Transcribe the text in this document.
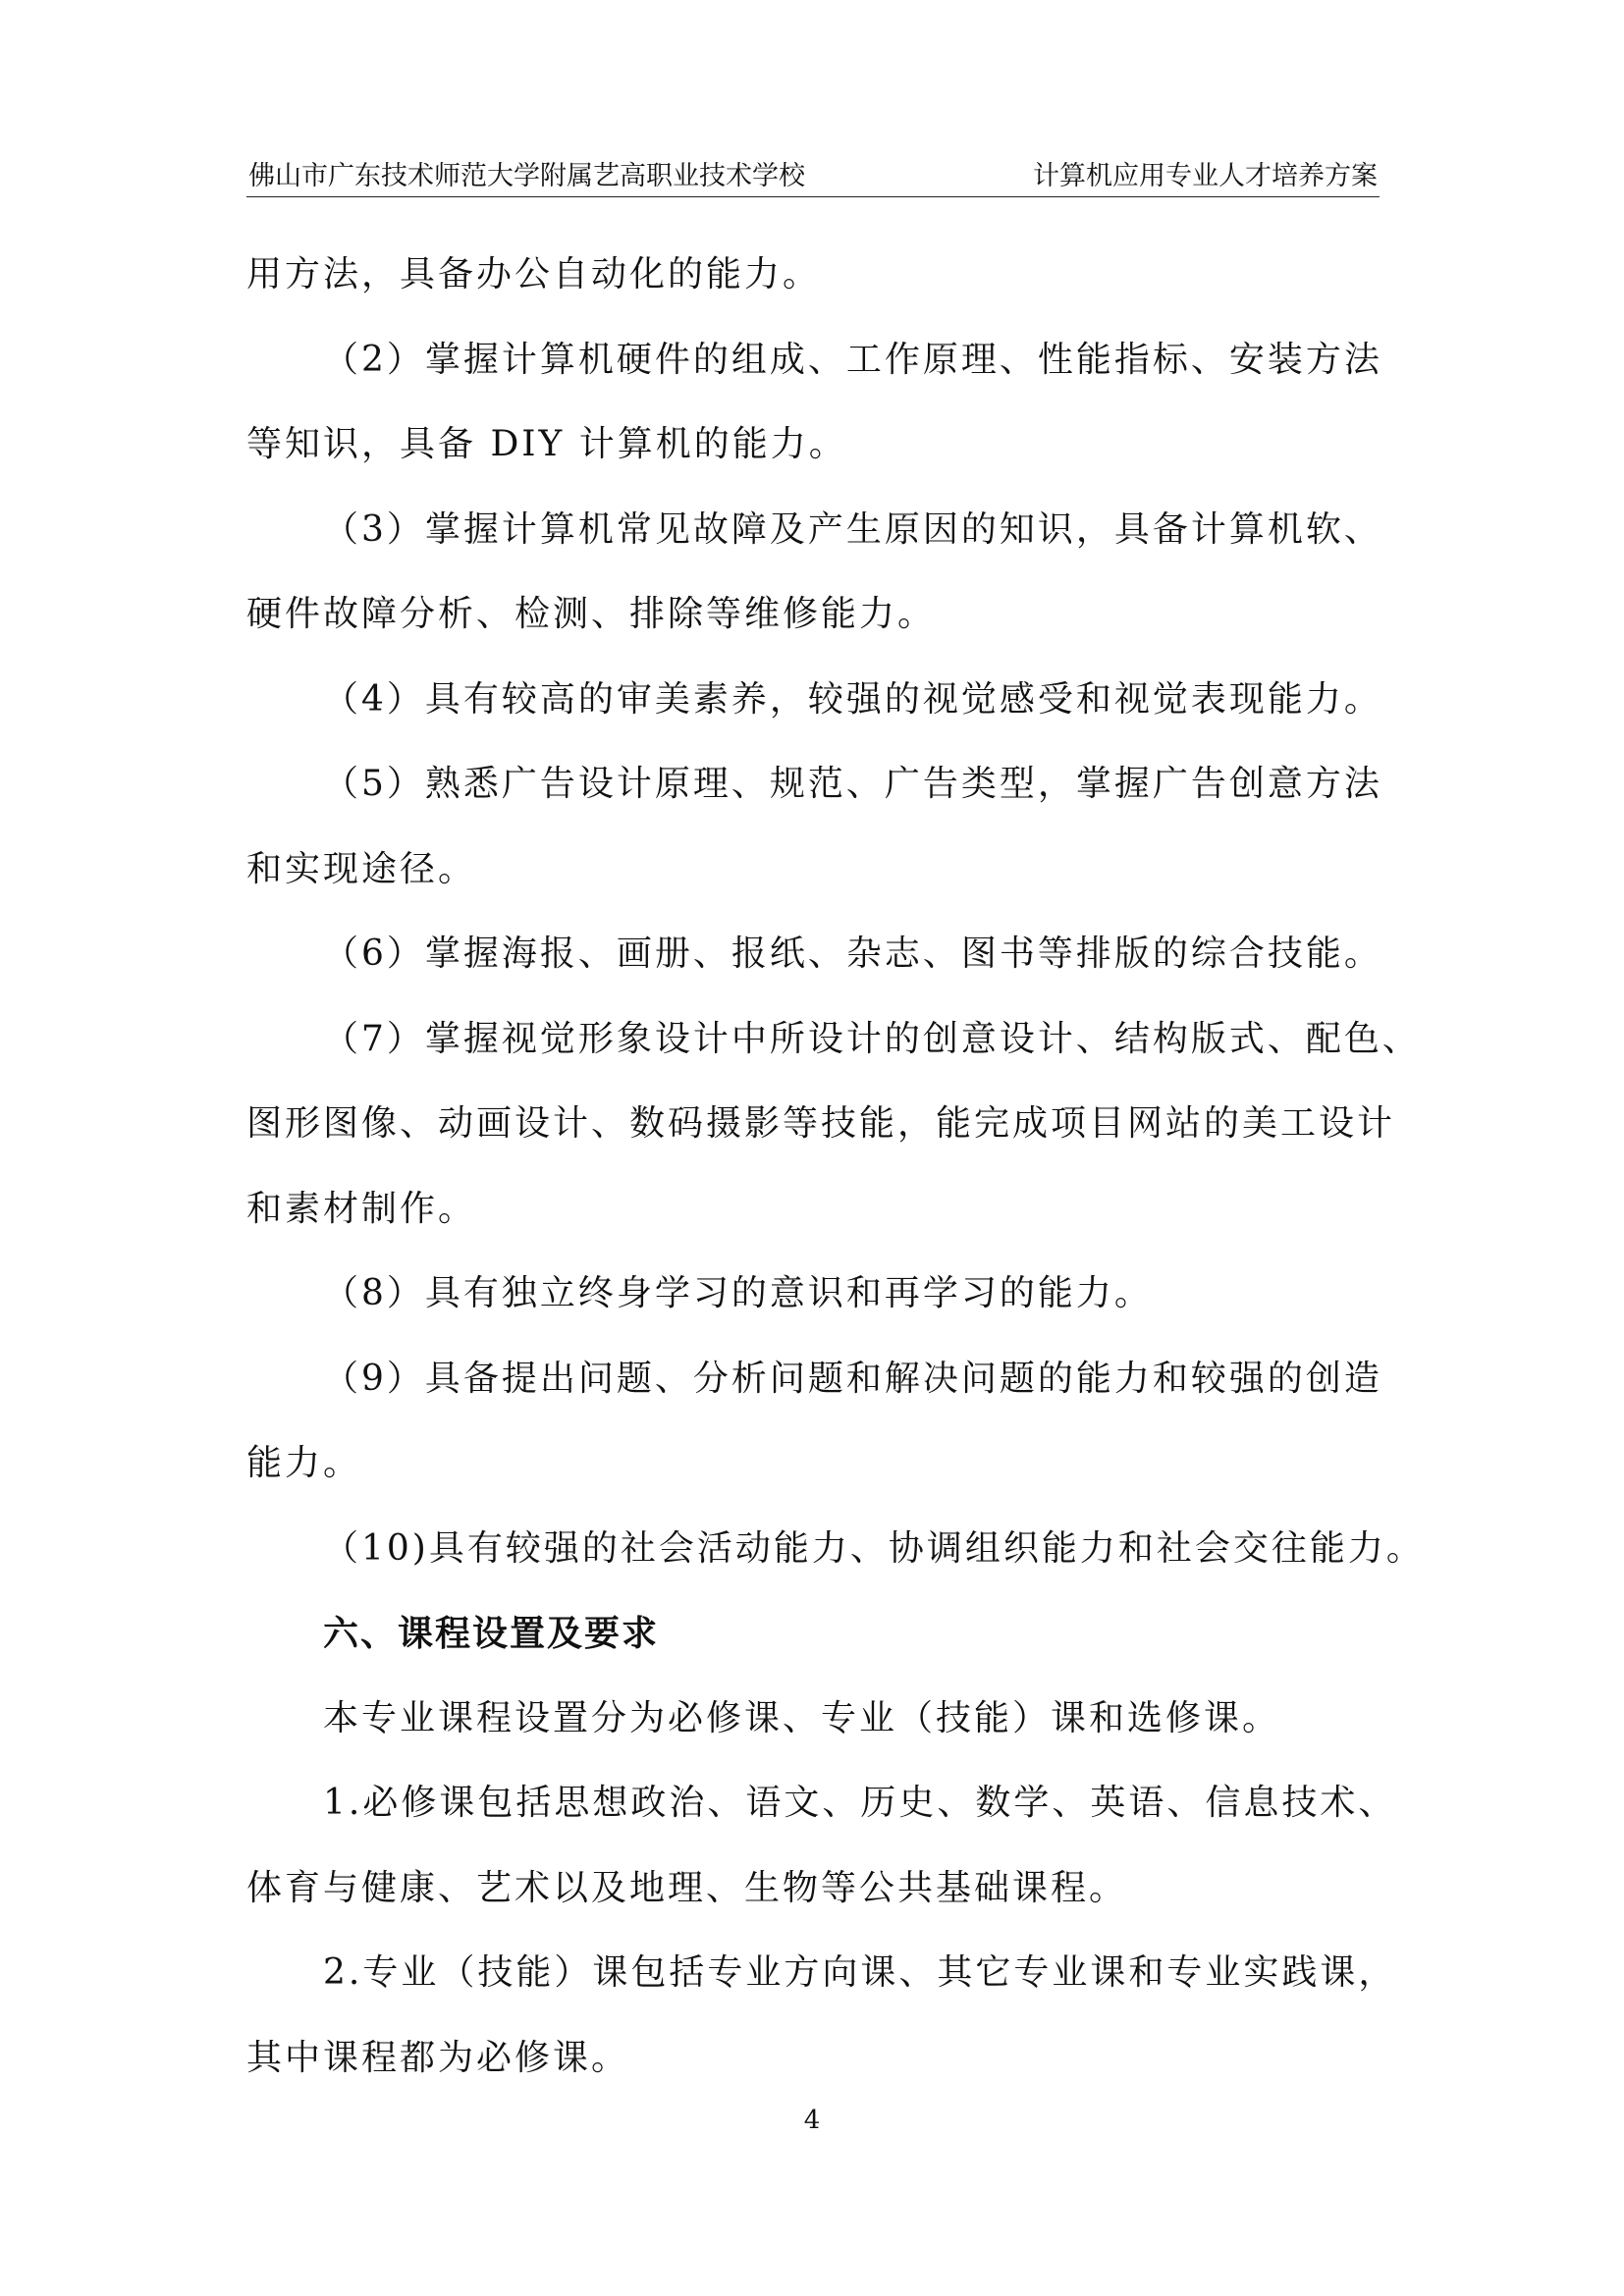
佛山市广东技术师范大学附属艺高职业技术学校	计算机应用专业人才培养方案
用方法，具备办公自动化的能力。
（2）掌握计算机硬件的组成、工作原理、性能指标、安装方法
等知识，具备 DIY 计算机的能力。
（3）掌握计算机常见故障及产生原因的知识，具备计算机软、
硬件故障分析、检测、排除等维修能力。
（4）具有较高的审美素养，较强的视觉感受和视觉表现能力。
（5）熟悉广告设计原理、规范、广告类型，掌握广告创意方法
和实现途径。
（6）掌握海报、画册、报纸、杂志、图书等排版的综合技能。
（7）掌握视觉形象设计中所设计的创意设计、结构版式、配色、
图形图像、动画设计、数码摄影等技能，能完成项目网站的美工设计
和素材制作。
（8）具有独立终身学习的意识和再学习的能力。
（9）具备提出问题、分析问题和解决问题的能力和较强的创造
能力。
（10)具有较强的社会活动能力、协调组织能力和社会交往能力。
六、课程设置及要求
本专业课程设置分为必修课、专业（技能）课和选修课。
1.必修课包括思想政治、语文、历史、数学、英语、信息技术、
体育与健康、艺术以及地理、生物等公共基础课程。
2.专业（技能）课包括专业方向课、其它专业课和专业实践课，
其中课程都为必修课。
4
